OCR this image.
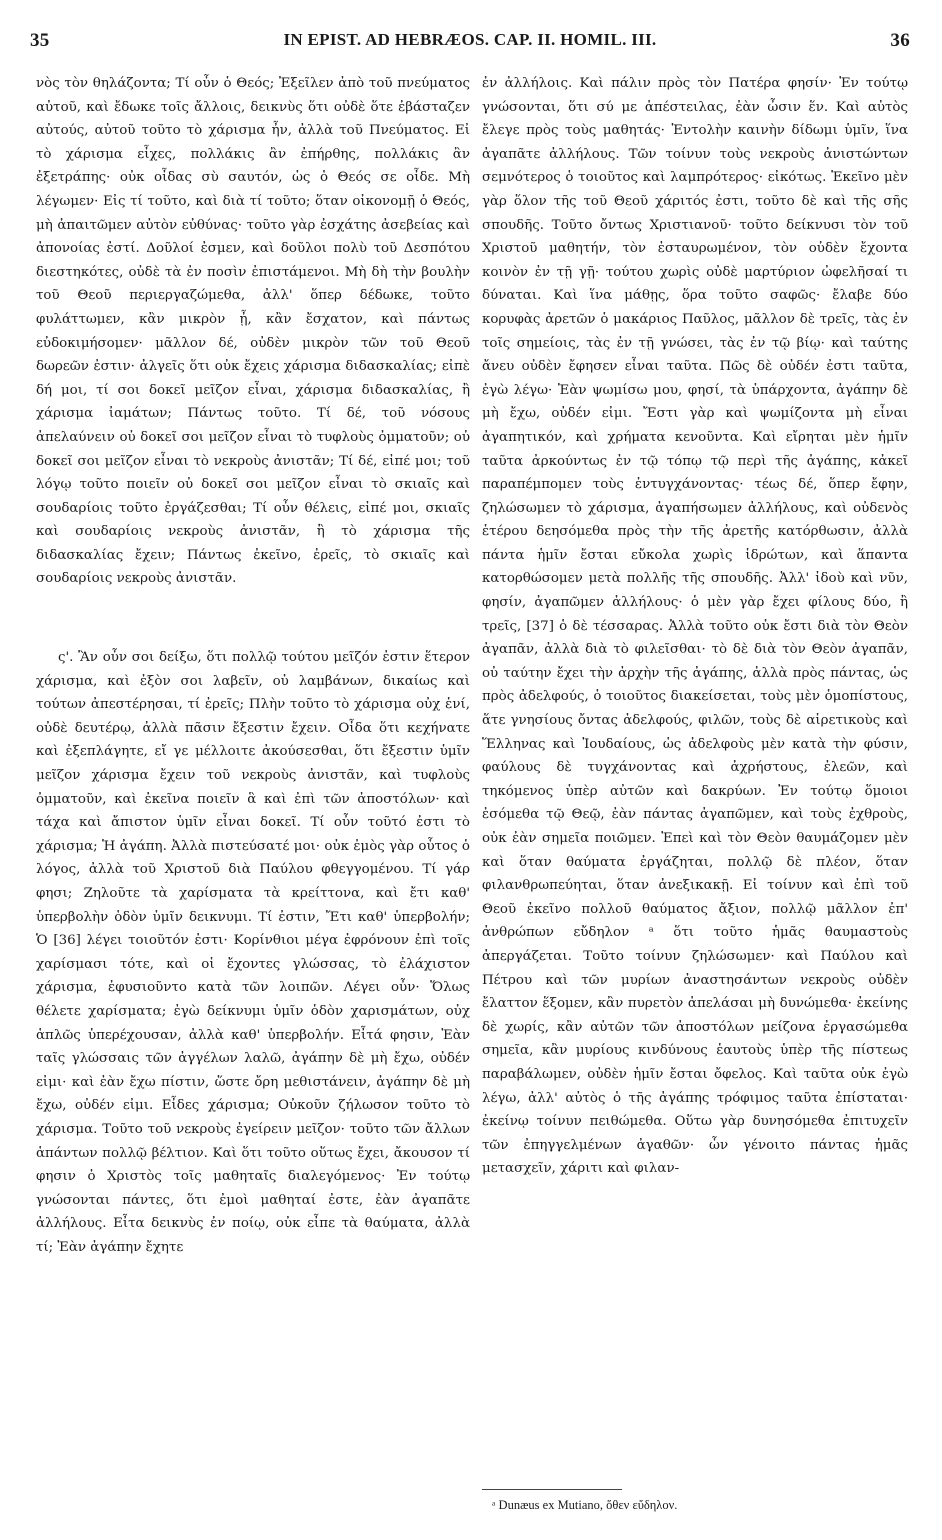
35	IN EPIST. AD HEBRÆOS. CAP. II. HOMIL. III.	36

νὸς τὸν θηλάζοντα; Τί οὖν ὁ Θεός; Ἐξεῖλεν ἀπὸ τοῦ πνεύματος αὐτοῦ, καὶ ἔδωκε τοῖς ἄλλοις, δεικνὺς ὅτι οὐδὲ ὅτε ἐβάσταζεν αὐτούς, αὐτοῦ τοῦτο τὸ χάρισμα ἦν, ἀλλὰ τοῦ Πνεύματος. Εἰ τὸ χάρισμα εἶχες, πολλάκις ἂν ἐπήρθης, πολλάκις ἂν ἐξετράπης· οὐκ οἶδας σὺ σαυτόν, ὡς ὁ Θεός σε οἶδε. Μὴ λέγωμεν· Εἰς τί τοῦτο, καὶ διὰ τί τοῦτο; ὅταν οἰκονομῇ ὁ Θεός, μὴ ἀπαιτῶμεν αὐτὸν εὐθύνας· τοῦτο γὰρ ἐσχάτης ἀσεβείας καὶ ἀπονοίας ἐστί. Δοῦλοί ἐσμεν, καὶ δοῦλοι πολὺ τοῦ Δεσπότου διεστηκότες, οὐδὲ τὰ ἐν ποσὶν ἐπιστάμενοι. Μὴ δὴ τὴν βουλὴν τοῦ Θεοῦ περιεργαζώμεθα, ἀλλ' ὅπερ δέδωκε, τοῦτο φυλάττωμεν, κἂν μικρὸν ᾖ, κἂν ἔσχατον, καὶ πάντως εὐδοκιμήσομεν· μᾶλλον δέ, οὐδὲν μικρὸν τῶν τοῦ Θεοῦ δωρεῶν ἐστιν· ἀλγεῖς ὅτι οὐκ ἔχεις χάρισμα διδασκαλίας; εἰπὲ δή μοι, τί σοι δοκεῖ μεῖζον εἶναι, χάρισμα διδασκαλίας, ἢ χάρισμα ἰαμάτων; Πάντως τοῦτο. Τί δέ, τοῦ νόσους ἀπελαύνειν οὐ δοκεῖ σοι μεῖζον εἶναι τὸ τυφλοὺς ὀμματοῦν; οὐ δοκεῖ σοι μεῖζον εἶναι τὸ νεκροὺς ἀνιστᾶν; Τί δέ, εἰπέ μοι; τοῦ λόγῳ τοῦτο ποιεῖν οὐ δοκεῖ σοι μεῖζον εἶναι τὸ σκιαῖς καὶ σουδαρίοις τοῦτο ἐργάζεσθαι; Τί οὖν θέλεις, εἰπέ μοι, σκιαῖς καὶ σουδαρίοις νεκροὺς ἀνιστᾶν, ἢ τὸ χάρισμα τῆς διδασκαλίας ἔχειν; Πάντως ἐκεῖνο, ἐρεῖς, τὸ σκιαῖς καὶ σουδαρίοις νεκροὺς ἀνιστᾶν.

ς'. Ἂν οὖν σοι δείξω, ὅτι πολλῷ τούτου μεῖζόν ἐστιν ἕτερον χάρισμα, καὶ ἐξὸν σοι λαβεῖν, οὐ λαμβάνων, δικαίως καὶ τούτων ἀπεστέρησαι, τί ἐρεῖς; Πλὴν τοῦτο τὸ χάρισμα οὐχ ἑνί, οὐδὲ δευτέρῳ, ἀλλὰ πᾶσιν ἔξεστιν ἔχειν. Οἶδα ὅτι κεχήνατε καὶ ἐξεπλάγητε, εἴ γε μέλλοιτε ἀκούσεσθαι, ὅτι ἔξεστιν ὑμῖν μεῖζον χάρισμα ἔχειν τοῦ νεκροὺς ἀνιστᾶν, καὶ τυφλοὺς ὀμματοῦν, καὶ ἐκεῖνα ποιεῖν ἃ καὶ ἐπὶ τῶν ἀποστόλων· καὶ τάχα καὶ ἄπιστον ὑμῖν εἶναι δοκεῖ. Τί οὖν τοῦτό ἐστι τὸ χάρισμα; Ἡ ἀγάπη. Ἀλλὰ πιστεύσατέ μοι· οὐκ ἐμὸς γὰρ οὗτος ὁ λόγος, ἀλλὰ τοῦ Χριστοῦ διὰ Παύλου φθεγγομένου. Τί γάρ φησι; Ζηλοῦτε τὰ χαρίσματα τὰ κρείττονα, καὶ ἔτι καθ' ὑπερβολὴν ὁδὸν ὑμῖν δεικνυμι. Τί ἐστιν, Ἔτι καθ' ὑπερβολήν; Ὁ [36] λέγει τοιοῦτόν ἐστι· Κορίνθιοι μέγα ἐφρόνουν ἐπὶ τοῖς χαρίσμασι τότε, καὶ οἱ ἔχοντες γλώσσας, τὸ ἐλάχιστον χάρισμα, ἐφυσιοῦντο κατὰ τῶν λοιπῶν. Λέγει οὖν· Ὅλως θέλετε χαρίσματα; ἐγὼ δείκνυμι ὑμῖν ὁδὸν χαρισμάτων, οὐχ ἁπλῶς ὑπερέχουσαν, ἀλλὰ καθ' ὑπερβολήν. Εἶτά φησιν, Ἐὰν ταῖς γλώσσαις τῶν ἀγγέλων λαλῶ, ἀγάπην δὲ μὴ ἔχω, οὐδέν εἰμι· καὶ ἐὰν ἔχω πίστιν, ὥστε ὄρη μεθιστάνειν, ἀγάπην δὲ μὴ ἔχω, οὐδέν εἰμι. Εἶδες χάρισμα; Οὐκοῦν ζήλωσον τοῦτο τὸ χάρισμα. Τοῦτο τοῦ νεκροὺς ἐγείρειν μεῖζον· τοῦτο τῶν ἄλλων ἁπάντων πολλῷ βέλτιον. Καὶ ὅτι τοῦτο οὕτως ἔχει, ἄκουσον τί φησιν ὁ Χριστὸς τοῖς μαθηταῖς διαλεγόμενος· Ἐν τούτῳ γνώσονται πάντες, ὅτι ἐμοὶ μαθηταί ἐστε, ἐὰν ἀγαπᾶτε ἀλλήλους. Εἶτα δεικνὺς ἐν ποίῳ, οὐκ εἶπε τὰ θαύματα, ἀλλὰ τί; Ἐὰν ἀγάπην ἔχητε

ἐν ἀλλήλοις. Καὶ πάλιν πρὸς τὸν Πατέρα φησίν· Ἐν τούτῳ γνώσονται, ὅτι σύ με ἀπέστειλας, ἐὰν ὦσιν ἕν. Καὶ αὐτὸς ἔλεγε πρὸς τοὺς μαθητάς· Ἐντολὴν καινὴν δίδωμι ὑμῖν, ἵνα ἀγαπᾶτε ἀλλήλους. Τῶν τοίνυν τοὺς νεκροὺς ἀνιστώντων σεμνότερος ὁ τοιοῦτος καὶ λαμπρότερος· εἰκότως. Ἐκεῖνο μὲν γὰρ ὅλον τῆς τοῦ Θεοῦ χάριτός ἐστι, τοῦτο δὲ καὶ τῆς σῆς σπουδῆς. Τοῦτο ὄντως Χριστιανοῦ· τοῦτο δείκνυσι τὸν τοῦ Χριστοῦ μαθητήν, τὸν ἐσταυρωμένον, τὸν οὐδὲν ἔχοντα κοινὸν ἐν τῇ γῇ· τούτου χωρὶς οὐδὲ μαρτύριον ὠφελῆσαί τι δύναται. Καὶ ἵνα μάθῃς, ὅρα τοῦτο σαφῶς· ἔλαβε δύο κορυφὰς ἀρετῶν ὁ μακάριος Παῦλος, μᾶλλον δὲ τρεῖς, τὰς ἐν τοῖς σημείοις, τὰς ἐν τῇ γνώσει, τὰς ἐν τῷ βίῳ· καὶ ταύτης ἄνευ οὐδὲν ἔφησεν εἶναι ταῦτα. Πῶς δὲ οὐδέν ἐστι ταῦτα, ἐγὼ λέγω· Ἐὰν ψωμίσω μου, φησί, τὰ ὑπάρχοντα, ἀγάπην δὲ μὴ ἔχω, οὐδέν εἰμι. Ἔστι γὰρ καὶ ψωμίζοντα μὴ εἶναι ἀγαπητικόν, καὶ χρήματα κενοῦντα. Καὶ εἴρηται μὲν ἡμῖν ταῦτα ἀρκούντως ἐν τῷ τόπῳ τῷ περὶ τῆς ἀγάπης, κἀκεῖ παραπέμπομεν τοὺς ἐντυγχάνοντας· τέως δέ, ὅπερ ἔφην, ζηλώσωμεν τὸ χάρισμα, ἀγαπήσωμεν ἀλλήλους, καὶ οὐδενὸς ἑτέρου δεησόμεθα πρὸς τὴν τῆς ἀρετῆς κατόρθωσιν, ἀλλὰ πάντα ἡμῖν ἔσται εὔκολα χωρὶς ἱδρώτων, καὶ ἅπαντα κατορθώσομεν μετὰ πολλῆς τῆς σπουδῆς. Ἀλλ' ἰδοὺ καὶ νῦν, φησίν, ἀγαπῶμεν ἀλλήλους· ὁ μὲν γὰρ ἔχει φίλους δύο, ἢ τρεῖς, [37] ὁ δὲ τέσσαρας. Ἀλλὰ τοῦτο οὐκ ἔστι διὰ τὸν Θεὸν ἀγαπᾶν, ἀλλὰ διὰ τὸ φιλεῖσθαι· τὸ δὲ διὰ τὸν Θεὸν ἀγαπᾶν, οὐ ταύτην ἔχει τὴν ἀρχὴν τῆς ἀγάπης, ἀλλὰ πρὸς πάντας, ὡς πρὸς ἀδελφούς, ὁ τοιοῦτος διακείσεται, τοὺς μὲν ὁμοπίστους, ἅτε γνησίους ὄντας ἀδελφούς, φιλῶν, τοὺς δὲ αἱρετικοὺς καὶ Ἕλληνας καὶ Ἰουδαίους, ὡς ἀδελφοὺς μὲν κατὰ τὴν φύσιν, φαύλους δὲ τυγχάνοντας καὶ ἀχρήστους, ἐλεῶν, καὶ τηκόμενος ὑπὲρ αὐτῶν καὶ δακρύων. Ἐν τούτῳ ὅμοιοι ἐσόμεθα τῷ Θεῷ, ἐὰν πάντας ἀγαπῶμεν, καὶ τοὺς ἐχθροὺς, οὐκ ἐὰν σημεῖα ποιῶμεν. Ἐπεὶ καὶ τὸν Θεὸν θαυμάζομεν μὲν καὶ ὅταν θαύματα ἐργάζηται, πολλῷ δὲ πλέον, ὅταν φιλανθρωπεύηται, ὅταν ἀνεξικακῇ. Εἰ τοίνυν καὶ ἐπὶ τοῦ Θεοῦ ἐκεῖνο πολλοῦ θαύματος ἄξιον, πολλῷ μᾶλλον ἐπ' ἀνθρώπων εὔδηλον ᵃ ὅτι τοῦτο ἡμᾶς θαυμαστοὺς ἀπεργάζεται. Τοῦτο τοίνυν ζηλώσωμεν· καὶ Παύλου καὶ Πέτρου καὶ τῶν μυρίων ἀναστησάντων νεκροὺς οὐδὲν ἔλαττον ἕξομεν, κἂν πυρετὸν ἀπελάσαι μὴ δυνώμεθα· ἐκείνης δὲ χωρίς, κἂν αὐτῶν τῶν ἀποστόλων μείζονα ἐργασώμεθα σημεῖα, κἂν μυρίους κινδύνους ἑαυτοὺς ὑπὲρ τῆς πίστεως παραβάλωμεν, οὐδὲν ἡμῖν ἔσται ὄφελος. Καὶ ταῦτα οὐκ ἐγὼ λέγω, ἀλλ' αὐτὸς ὁ τῆς ἀγάπης τρόφιμος ταῦτα ἐπίσταται· ἐκείνῳ τοίνυν πειθώμεθα. Οὕτω γὰρ δυνησόμεθα ἐπιτυχεῖν τῶν ἐπηγγελμένων ἀγαθῶν· ὧν γένοιτο πάντας ἡμᾶς μετασχεῖν, χάριτι καὶ φιλαν-

ᵃ Dunæus ex Mutiano, ὅθεν εὔδηλον.
